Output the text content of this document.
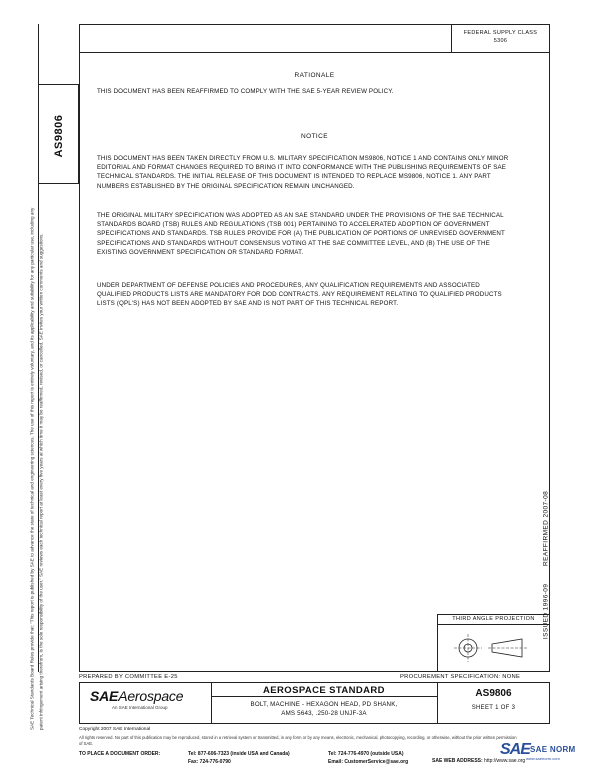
FEDERAL SUPPLY CLASS
5306
AS9806
SAE Technical Standards Board Rules provide that: "This report is published by SAE to advance the state of technical and engineering sciences. The use of this report is entirely voluntary, and its applicability and suitability for any particular use, including any patent infringement arising therefrom, is the sole responsibility of the user." SAE reviews each technical report at least every five years at which time it may be reaffirmed, revised, or cancelled. SAE invites your written comments and suggestions.
RATIONALE
THIS DOCUMENT HAS BEEN REAFFIRMED TO COMPLY WITH THE SAE 5-YEAR REVIEW POLICY.
NOTICE
THIS DOCUMENT HAS BEEN TAKEN DIRECTLY FROM U.S. MILITARY SPECIFICATION MS9806, NOTICE 1 AND CONTAINS ONLY MINOR EDITORIAL AND FORMAT CHANGES REQUIRED TO BRING IT INTO CONFORMANCE WITH THE PUBLISHING REQUIREMENTS OF SAE TECHNICAL STANDARDS. THE INITIAL RELEASE OF THIS DOCUMENT IS INTENDED TO REPLACE MS9806, NOTICE 1. ANY PART NUMBERS ESTABLISHED BY THE ORIGINAL SPECIFICATION REMAIN UNCHANGED.
THE ORIGINAL MILITARY SPECIFICATION WAS ADOPTED AS AN SAE STANDARD UNDER THE PROVISIONS OF THE SAE TECHNICAL STANDARDS BOARD (TSB) RULES AND REGULATIONS (TSB 001) PERTAINING TO ACCELERATED ADOPTION OF GOVERNMENT SPECIFICATIONS AND STANDARDS. TSB RULES PROVIDE FOR (A) THE PUBLICATION OF PORTIONS OF UNREVISED GOVERNMENT SPECIFICATIONS AND STANDARDS WITHOUT CONSENSUS VOTING AT THE SAE COMMITTEE LEVEL, AND (B) THE USE OF THE EXISTING GOVERNMENT SPECIFICATION OR STANDARD FORMAT.
UNDER DEPARTMENT OF DEFENSE POLICIES AND PROCEDURES, ANY QUALIFICATION REQUIREMENTS AND ASSOCIATED QUALIFIED PRODUCTS LISTS ARE MANDATORY FOR DOD CONTRACTS. ANY REQUIREMENT RELATING TO QUALIFIED PRODUCTS LISTS (QPL'S) HAS NOT BEEN ADOPTED BY SAE AND IS NOT PART OF THIS TECHNICAL REPORT.
ISSUED 1996-09        REAFFIRMED 2007-08
THIRD ANGLE PROJECTION
PREPARED BY COMMITTEE E-25	PROCUREMENT SPECIFICATION: NONE
SAEAerospace
An SAE International Group
AEROSPACE STANDARD
BOLT, MACHINE - HEXAGON HEAD, PD SHANK,
AMS 5643, .250-28 UNJF-3A
AS9806
SHEET 1 OF 3
Copyright 2007 SAE International
All rights reserved. No part of this publication may be reproduced, stored in a retrieval system or transmitted, in any form or by any means, electronic, mechanical, photocopying, recording, or otherwise, without the prior written permission of SAE.
TO PLACE A DOCUMENT ORDER:	Tel: 877-606-7323 (inside USA and Canada)
Fax: 724-776-0790
Tel: 724-776-4970 (outside USA)
Email: CustomerService@sae.org	SAE WEB ADDRESS: http://www.sae.org
SAE SAE NORM
www.saenorm.com
